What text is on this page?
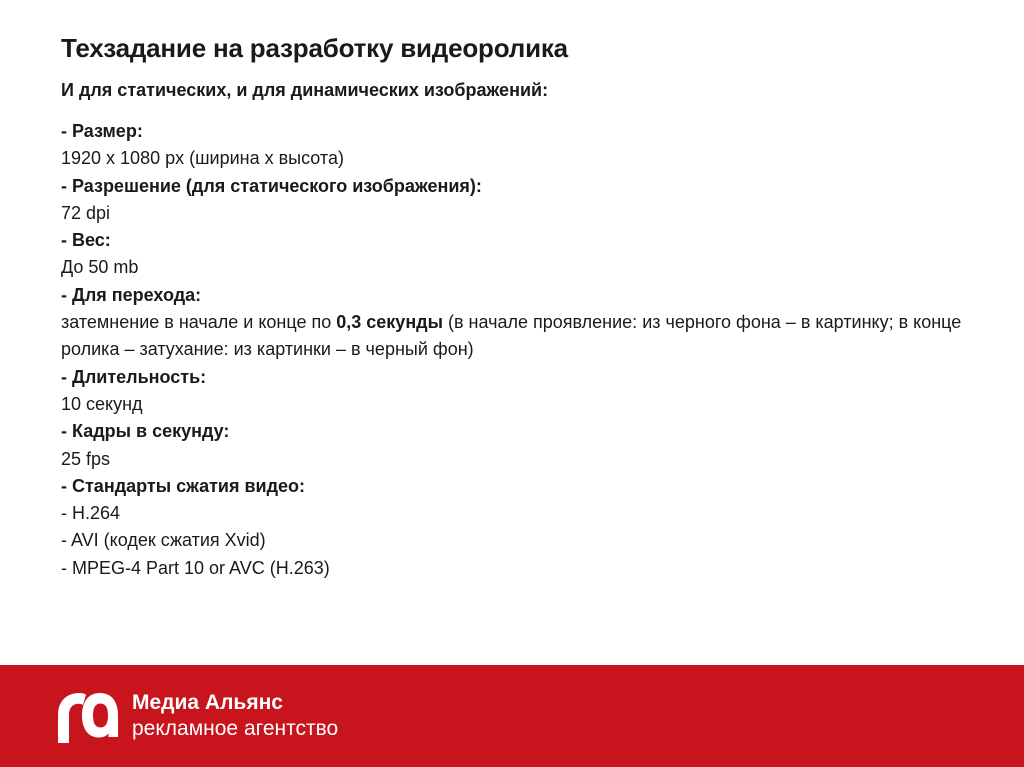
Техзадание на разработку видеоролика
И для статических, и для динамических изображений:

- Размер:

1920 x 1080 px (ширина x высота)

- Разрешение (для статического изображения):

72 dpi

- Вес:

До 50 mb

- Для перехода:

затемнение в начале и конце по 0,3 секунды (в начале проявление: из черного фона – в картинку; в конце ролика – затухание: из картинки – в черный фон)

- Длительность:

10 секунд

- Кадры в секунду:

25 fps

- Стандарты сжатия видео:

- H.264

- AVI (кодек сжатия Xvid)

- MPEG-4 Part 10 or AVC (H.263)

Медиа Альянс

рекламное агентство
